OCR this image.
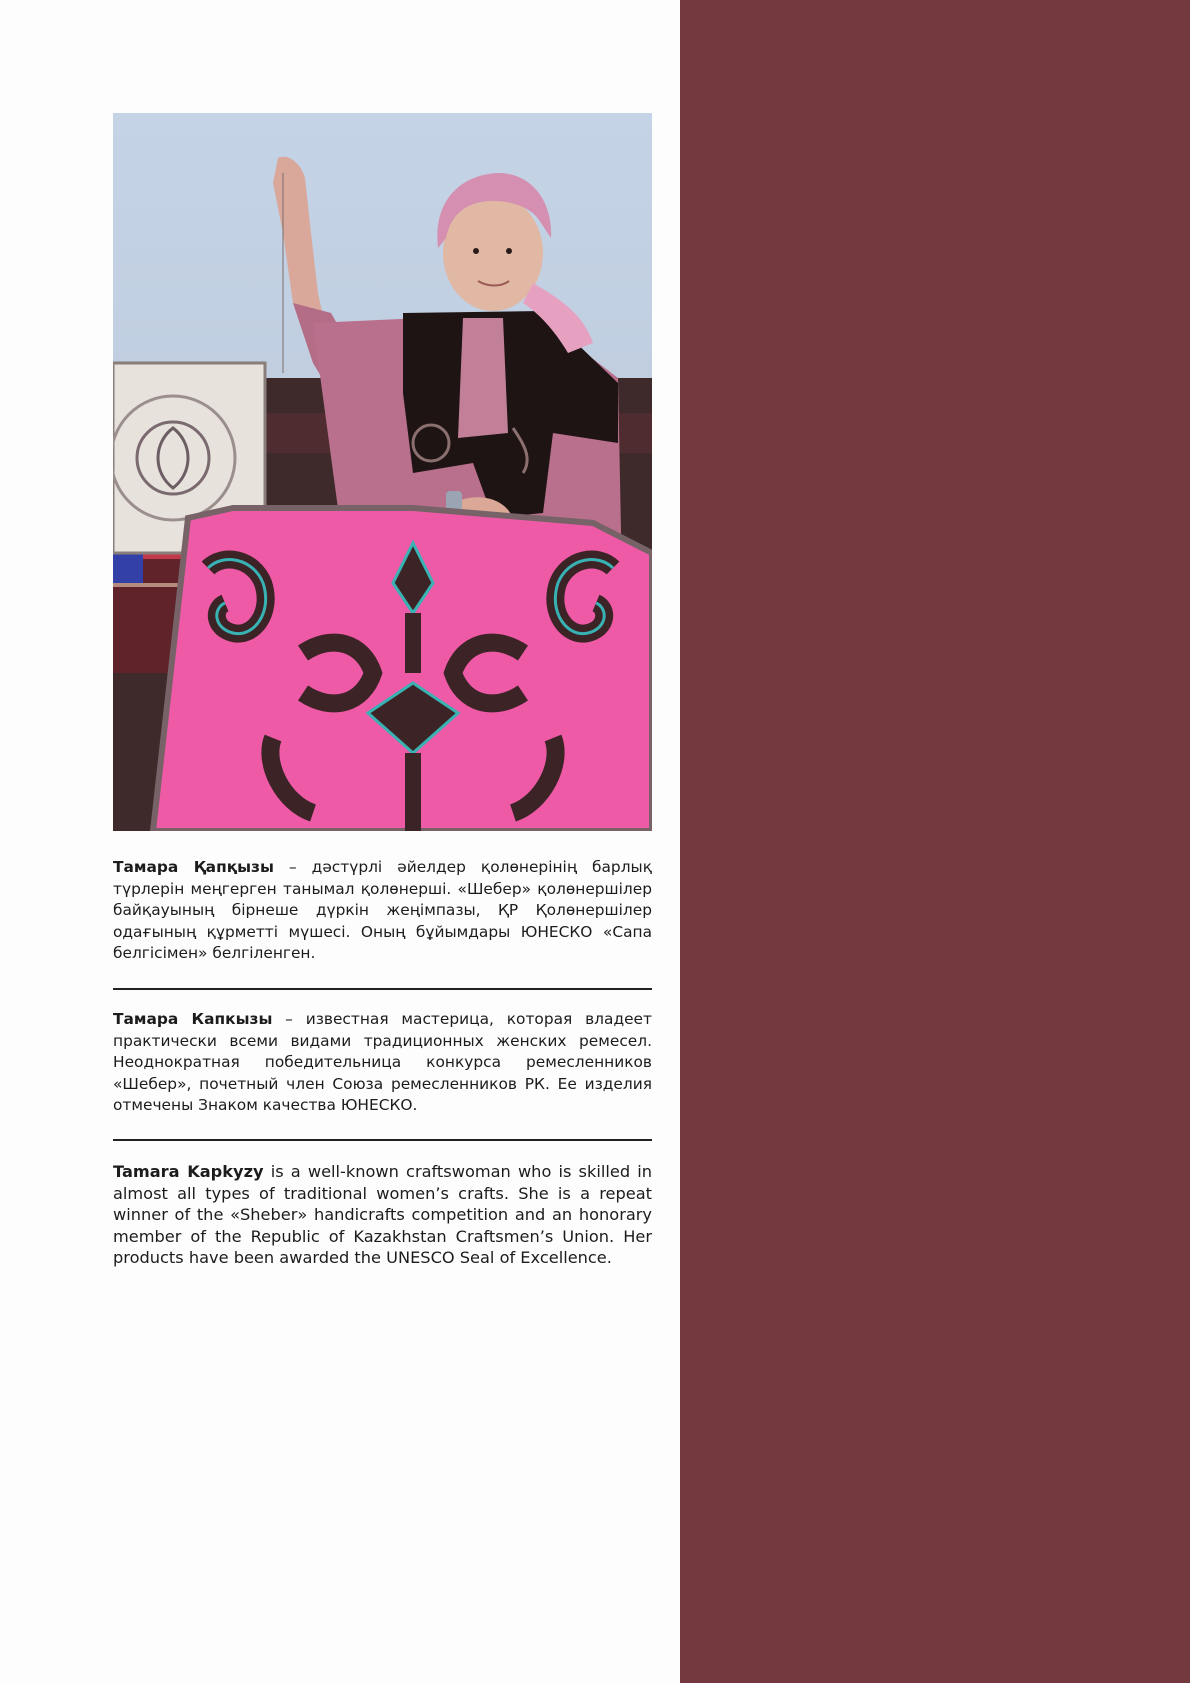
Тамара Қапқызы – дәстүрлі әйелдер қолөнерінің барлық түрлерін меңгерген танымал қолөнерші. «Шебер» қолөнершілер байқауының бірнеше дүркін жеңімпазы, ҚР Қолөнершілер одағының құрметті мүшесі. Оның бұйымдары ЮНЕСКО «Сапа белгісімен» белгіленген.

Тамара Капкызы – известная мастерица, которая владеет практически всеми видами традиционных женских ремесел. Неоднократная победительница конкурса ремесленников «Шебер», почетный член Союза ремесленников РК. Ее изделия отмечены Знаком качества ЮНЕСКО.

Tamara Kapkyzy is a well-known craftswoman who is skilled in almost all types of traditional women’s crafts. She is a repeat winner of the «Sheber» handicrafts competition and an honorary member of the Republic of Kazakhstan Craftsmen’s Union. Her products have been awarded the UNESCO Seal of Excellence.
